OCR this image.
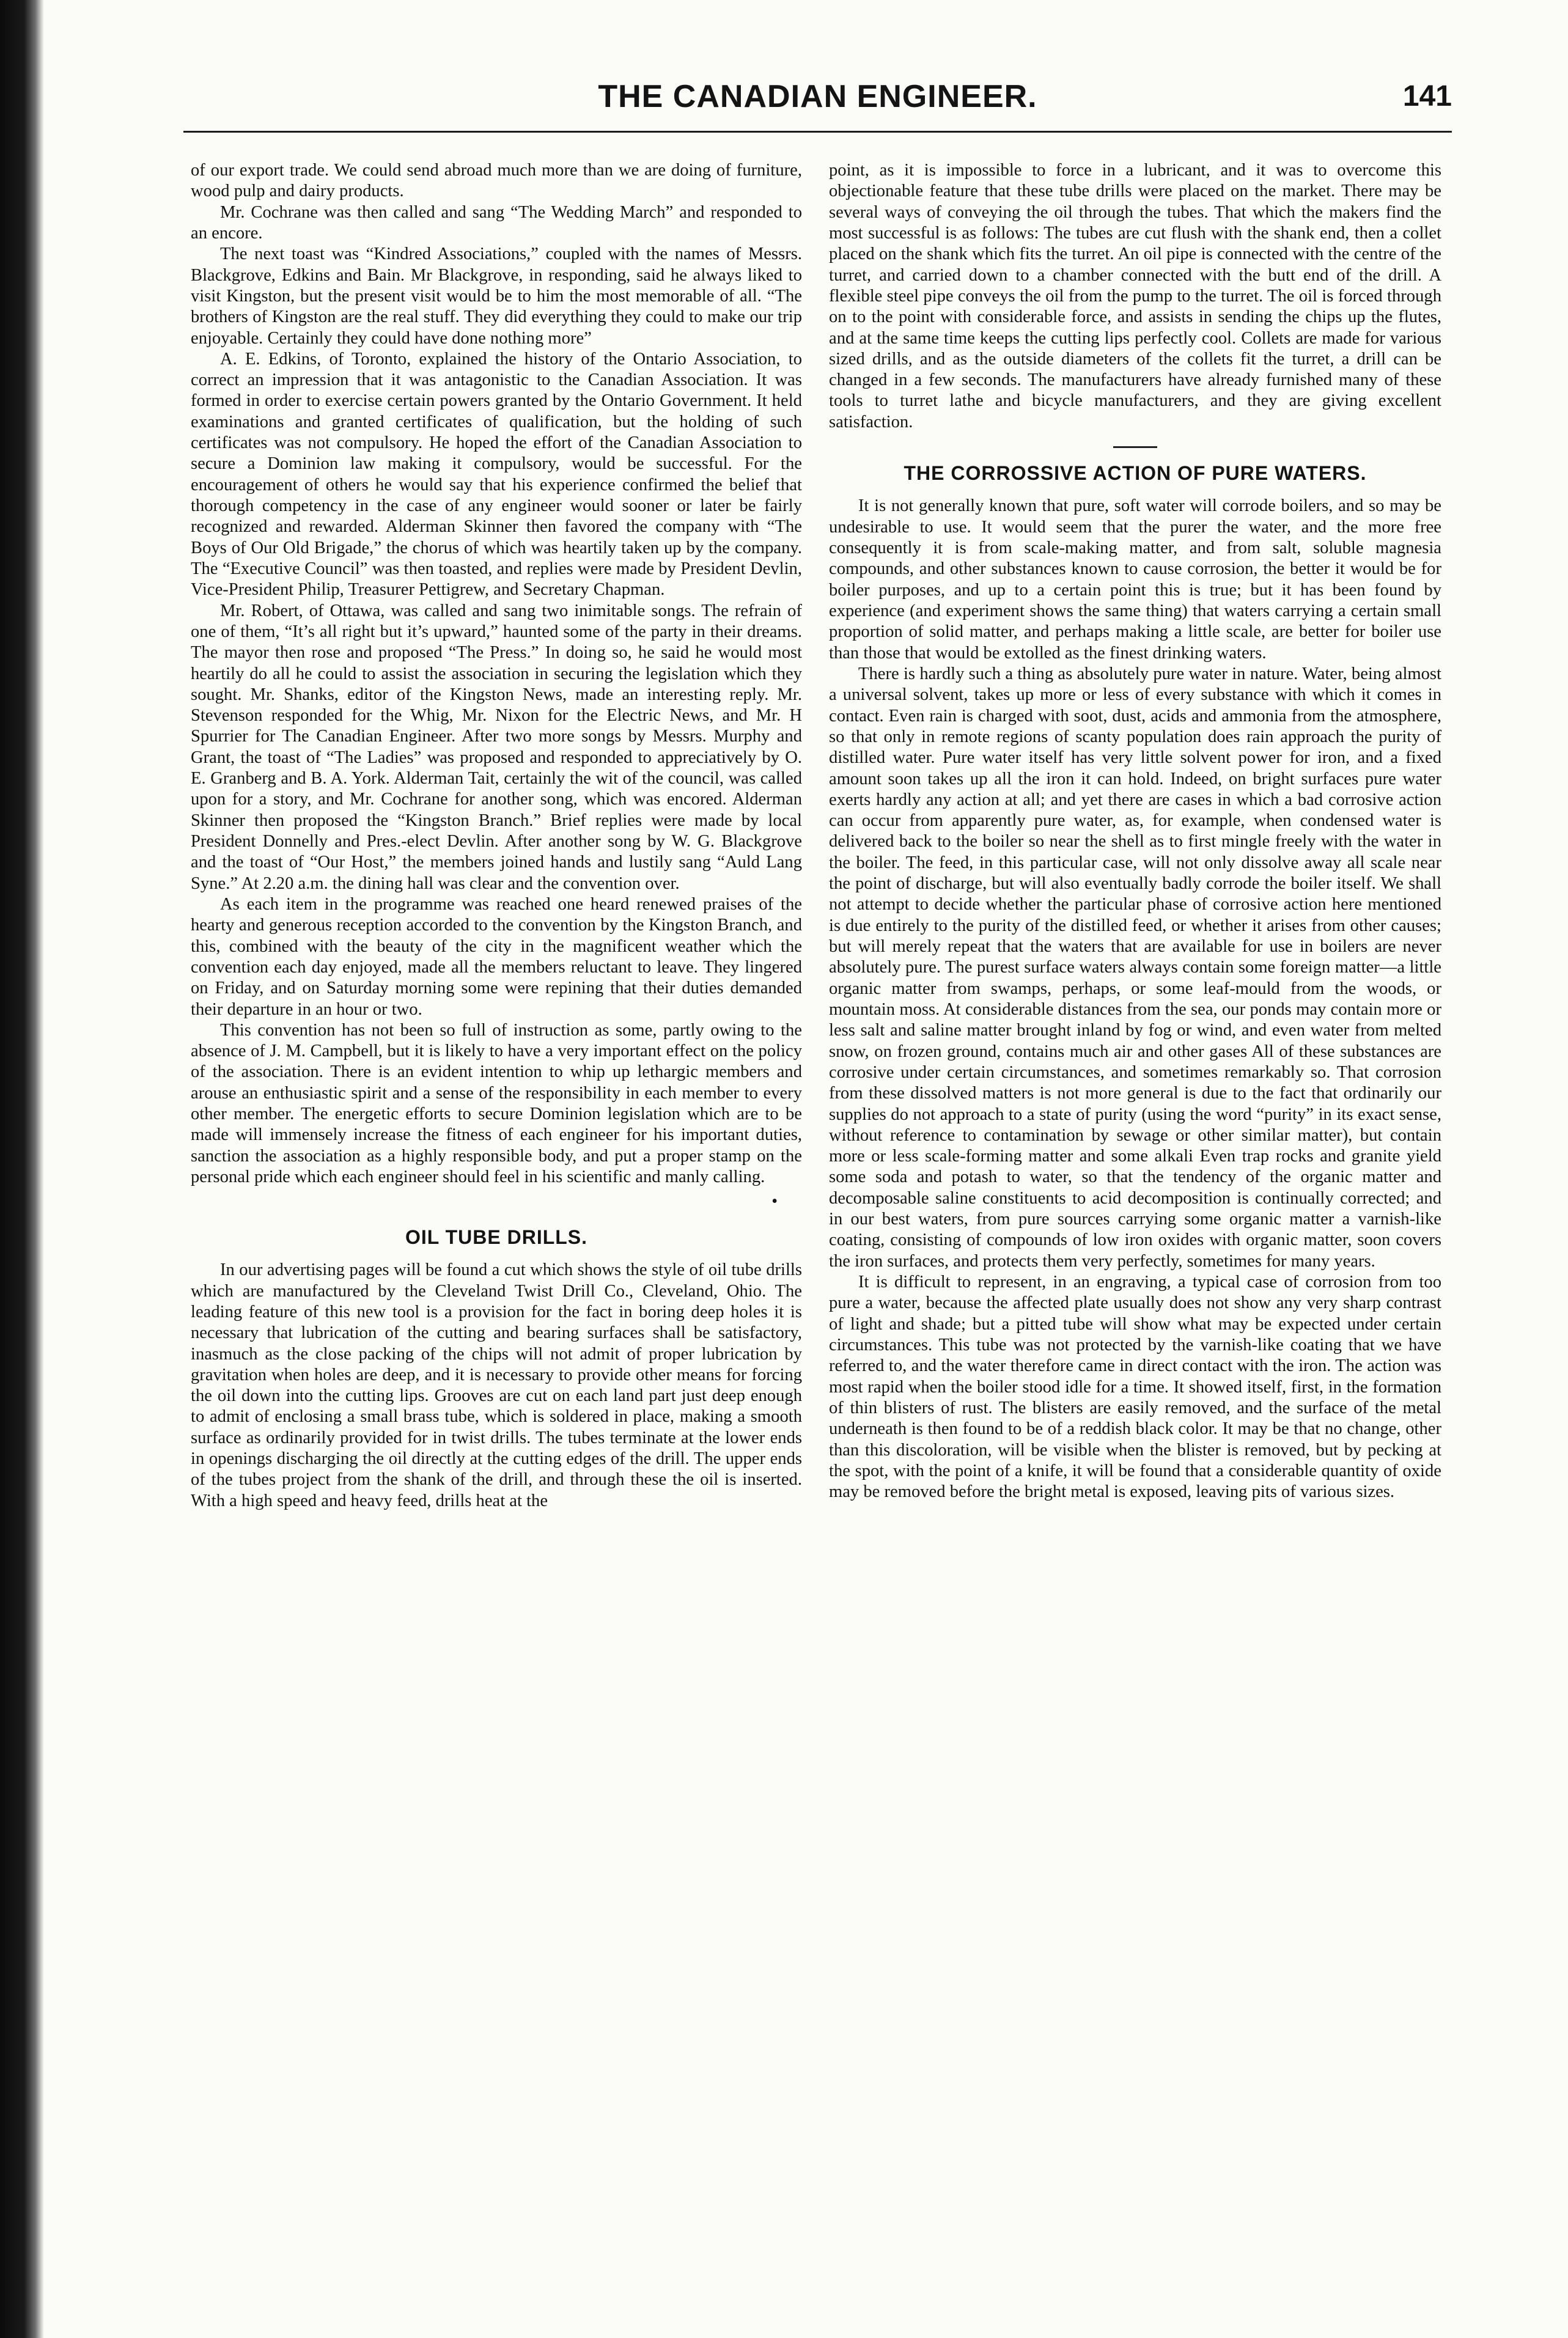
THE CANADIAN ENGINEER.	141

of our export trade. We could send abroad much more than we are doing of furniture, wood pulp and dairy products.

Mr. Cochrane was then called and sang “The Wedding March” and responded to an encore.

The next toast was “Kindred Associations,” coupled with the names of Messrs. Blackgrove, Edkins and Bain. Mr Blackgrove, in responding, said he always liked to visit Kingston, but the present visit would be to him the most memorable of all. “The brothers of Kingston are the real stuff. They did everything they could to make our trip enjoyable. Certainly they could have done nothing more”

A. E. Edkins, of Toronto, explained the history of the Ontario Association, to correct an impression that it was antagonistic to the Canadian Association. It was formed in order to exercise certain powers granted by the Ontario Government. It held examinations and granted certificates of qualification, but the holding of such certificates was not compulsory. He hoped the effort of the Canadian Association to secure a Dominion law making it compulsory, would be successful. For the encouragement of others he would say that his experience confirmed the belief that thorough competency in the case of any engineer would sooner or later be fairly recognized and rewarded. Alderman Skinner then favored the company with “The Boys of Our Old Brigade,” the chorus of which was heartily taken up by the company. The “Executive Council” was then toasted, and replies were made by President Devlin, Vice-President Philip, Treasurer Pettigrew, and Secretary Chapman.

Mr. Robert, of Ottawa, was called and sang two inimitable songs. The refrain of one of them, “It’s all right but it’s upward,” haunted some of the party in their dreams. The mayor then rose and proposed “The Press.” In doing so, he said he would most heartily do all he could to assist the association in securing the legislation which they sought. Mr. Shanks, editor of the Kingston News, made an interesting reply. Mr. Stevenson responded for the Whig, Mr. Nixon for the Electric News, and Mr. H Spurrier for The Canadian Engineer. After two more songs by Messrs. Murphy and Grant, the toast of “The Ladies” was proposed and responded to appreciatively by O. E. Granberg and B. A. York. Alderman Tait, certainly the wit of the council, was called upon for a story, and Mr. Cochrane for another song, which was encored. Alderman Skinner then proposed the “Kingston Branch.” Brief replies were made by local President Donnelly and Pres.-elect Devlin. After another song by W. G. Blackgrove and the toast of “Our Host,” the members joined hands and lustily sang “Auld Lang Syne.” At 2.20 a.m. the dining hall was clear and the convention over.

As each item in the programme was reached one heard renewed praises of the hearty and generous reception accorded to the convention by the Kingston Branch, and this, combined with the beauty of the city in the magnificent weather which the convention each day enjoyed, made all the members reluctant to leave. They lingered on Friday, and on Saturday morning some were repining that their duties demanded their departure in an hour or two.

This convention has not been so full of instruction as some, partly owing to the absence of J. M. Campbell, but it is likely to have a very important effect on the policy of the association. There is an evident intention to whip up lethargic members and arouse an enthusiastic spirit and a sense of the responsibility in each member to every other member. The energetic efforts to secure Dominion legislation which are to be made will immensely increase the fitness of each engineer for his important duties, sanction the association as a highly responsible body, and put a proper stamp on the personal pride which each engineer should feel in his scientific and manly calling.

•
OIL TUBE DRILLS.

In our advertising pages will be found a cut which shows the style of oil tube drills which are manufactured by the Cleveland Twist Drill Co., Cleveland, Ohio. The leading feature of this new tool is a provision for the fact in boring deep holes it is necessary that lubrication of the cutting and bearing surfaces shall be satisfactory, inasmuch as the close packing of the chips will not admit of proper lubrication by gravitation when holes are deep, and it is necessary to provide other means for forcing the oil down into the cutting lips. Grooves are cut on each land part just deep enough to admit of enclosing a small brass tube, which is soldered in place, making a smooth surface as ordinarily provided for in twist drills. The tubes terminate at the lower ends in openings discharging the oil directly at the cutting edges of the drill. The upper ends of the tubes project from the shank of the drill, and through these the oil is inserted. With a high speed and heavy feed, drills heat at the

point, as it is impossible to force in a lubricant, and it was to overcome this objectionable feature that these tube drills were placed on the market. There may be several ways of conveying the oil through the tubes. That which the makers find the most successful is as follows: The tubes are cut flush with the shank end, then a collet placed on the shank which fits the turret. An oil pipe is connected with the centre of the turret, and carried down to a chamber connected with the butt end of the drill. A flexible steel pipe conveys the oil from the pump to the turret. The oil is forced through on to the point with considerable force, and assists in sending the chips up the flutes, and at the same time keeps the cutting lips perfectly cool. Collets are made for various sized drills, and as the outside diameters of the collets fit the turret, a drill can be changed in a few seconds. The manufacturers have already furnished many of these tools to turret lathe and bicycle manufacturers, and they are giving excellent satisfaction.

THE CORROSSIVE ACTION OF PURE WATERS.

It is not generally known that pure, soft water will corrode boilers, and so may be undesirable to use. It would seem that the purer the water, and the more free consequently it is from scale-making matter, and from salt, soluble magnesia compounds, and other substances known to cause corrosion, the better it would be for boiler purposes, and up to a certain point this is true; but it has been found by experience (and experiment shows the same thing) that waters carrying a certain small proportion of solid matter, and perhaps making a little scale, are better for boiler use than those that would be extolled as the finest drinking waters.

There is hardly such a thing as absolutely pure water in nature. Water, being almost a universal solvent, takes up more or less of every substance with which it comes in contact. Even rain is charged with soot, dust, acids and ammonia from the atmosphere, so that only in remote regions of scanty population does rain approach the purity of distilled water. Pure water itself has very little solvent power for iron, and a fixed amount soon takes up all the iron it can hold. Indeed, on bright surfaces pure water exerts hardly any action at all; and yet there are cases in which a bad corrosive action can occur from apparently pure water, as, for example, when condensed water is delivered back to the boiler so near the shell as to first mingle freely with the water in the boiler. The feed, in this particular case, will not only dissolve away all scale near the point of discharge, but will also eventually badly corrode the boiler itself. We shall not attempt to decide whether the particular phase of corrosive action here mentioned is due entirely to the purity of the distilled feed, or whether it arises from other causes; but will merely repeat that the waters that are available for use in boilers are never absolutely pure. The purest surface waters always contain some foreign matter—a little organic matter from swamps, perhaps, or some leaf-mould from the woods, or mountain moss. At considerable distances from the sea, our ponds may contain more or less salt and saline matter brought inland by fog or wind, and even water from melted snow, on frozen ground, contains much air and other gases All of these substances are corrosive under certain circumstances, and sometimes remarkably so. That corrosion from these dissolved matters is not more general is due to the fact that ordinarily our supplies do not approach to a state of purity (using the word “purity” in its exact sense, without reference to contamination by sewage or other similar matter), but contain more or less scale-forming matter and some alkali Even trap rocks and granite yield some soda and potash to water, so that the tendency of the organic matter and decomposable saline constituents to acid decomposition is continually corrected; and in our best waters, from pure sources carrying some organic matter a varnish-like coating, consisting of compounds of low iron oxides with organic matter, soon covers the iron surfaces, and protects them very perfectly, sometimes for many years.

It is difficult to represent, in an engraving, a typical case of corrosion from too pure a water, because the affected plate usually does not show any very sharp contrast of light and shade; but a pitted tube will show what may be expected under certain circumstances. This tube was not protected by the varnish-like coating that we have referred to, and the water therefore came in direct contact with the iron. The action was most rapid when the boiler stood idle for a time. It showed itself, first, in the formation of thin blisters of rust. The blisters are easily removed, and the surface of the metal underneath is then found to be of a reddish black color. It may be that no change, other than this discoloration, will be visible when the blister is removed, but by pecking at the spot, with the point of a knife, it will be found that a considerable quantity of oxide may be removed before the bright metal is exposed, leaving pits of various sizes.
